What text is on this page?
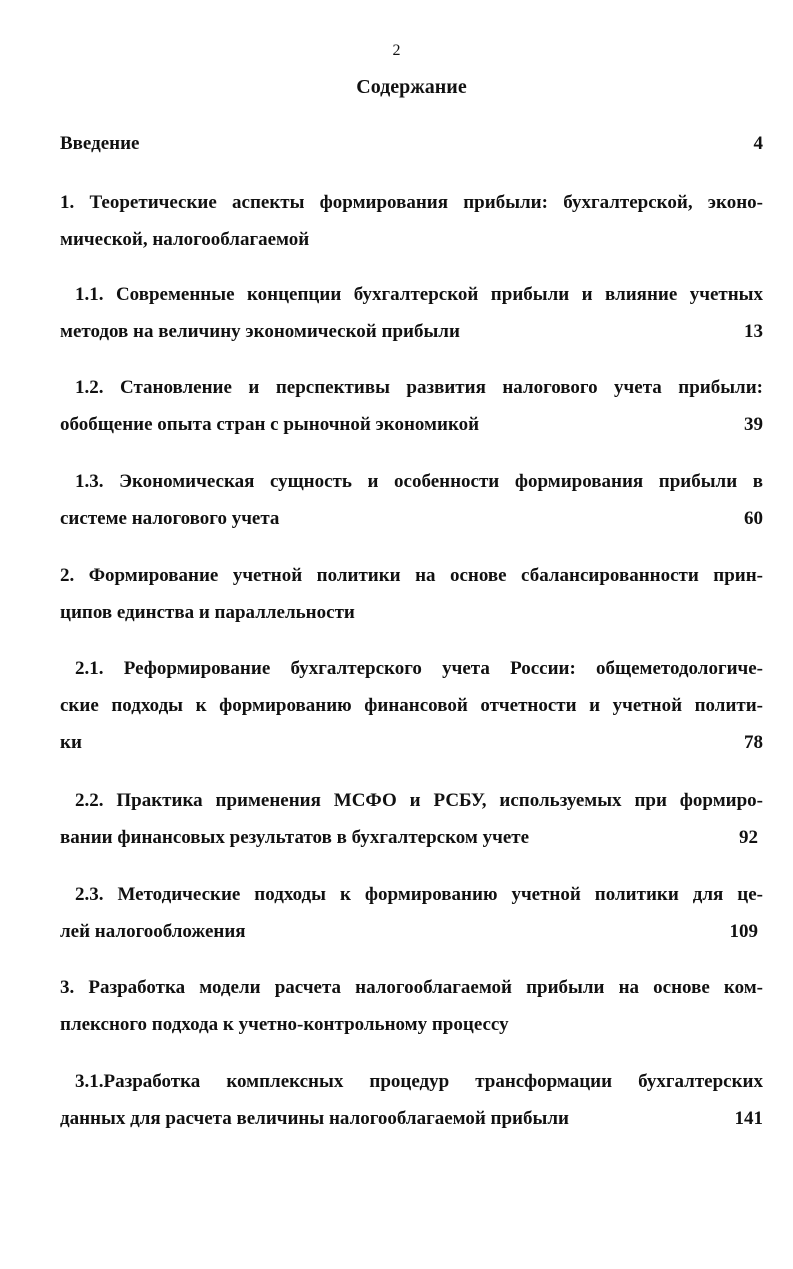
2
Содержание
Введение	4
1. Теоретические аспекты формирования прибыли: бухгалтерской, эконо-
мической, налогооблагаемой
1.1. Современные концепции бухгалтерской прибыли и влияние учетных
методов на величину экономической прибыли	13
1.2. Становление и перспективы развития налогового учета прибыли:
обобщение опыта стран с рыночной экономикой	39
1.3. Экономическая сущность и особенности формирования прибыли в
системе налогового учета	60
2. Формирование учетной политики на основе сбалансированности прин-
ципов единства и параллельности
2.1. Реформирование бухгалтерского учета России: общеметодологиче-
ские подходы к формированию финансовой отчетности и учетной полити-
ки	78
2.2. Практика применения МСФО и РСБУ, используемых при формиро-
вании финансовых результатов в бухгалтерском учете	92
2.3. Методические подходы к формированию учетной политики для це-
лей налогообложения	109
3. Разработка модели расчета налогооблагаемой прибыли на основе ком-
плексного подхода к учетно-контрольному процессу
3.1.Разработка комплексных процедур трансформации бухгалтерских
данных для расчета величины налогооблагаемой прибыли	141
